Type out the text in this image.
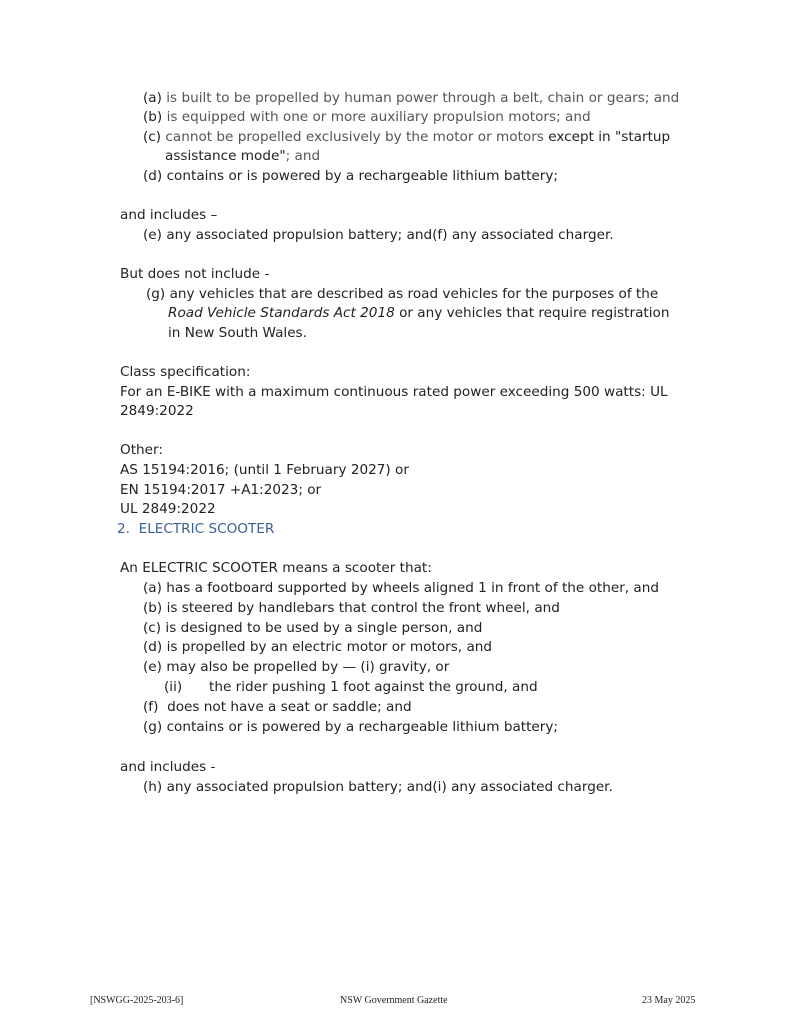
(a) is built to be propelled by human power through a belt, chain or gears; and
(b) is equipped with one or more auxiliary propulsion motors; and
(c) cannot be propelled exclusively by the motor or motors except in "startup
assistance mode"; and
(d) contains or is powered by a rechargeable lithium battery;
and includes –
(e) any associated propulsion battery; and(f) any associated charger.
But does not include -
(g) any vehicles that are described as road vehicles for the purposes of the
Road Vehicle Standards Act 2018 or any vehicles that require registration
in New South Wales.
Class specification:
For an E-BIKE with a maximum continuous rated power exceeding 500 watts: UL
2849:2022
Other:
AS 15194:2016; (until 1 February 2027) or
EN 15194:2017 +A1:2023; or
UL 2849:2022
2. ELECTRIC SCOOTER
An ELECTRIC SCOOTER means a scooter that:
(a) has a footboard supported by wheels aligned 1 in front of the other, and
(b) is steered by handlebars that control the front wheel, and
(c) is designed to be used by a single person, and
(d) is propelled by an electric motor or motors, and
(e) may also be propelled by — (i) gravity, or
(ii) the rider pushing 1 foot against the ground, and
(f) does not have a seat or saddle; and
(g) contains or is powered by a rechargeable lithium battery;
and includes -
(h) any associated propulsion battery; and(i) any associated charger.
[NSWGG-2025-203-6]	NSW Government Gazette	23 May 2025
